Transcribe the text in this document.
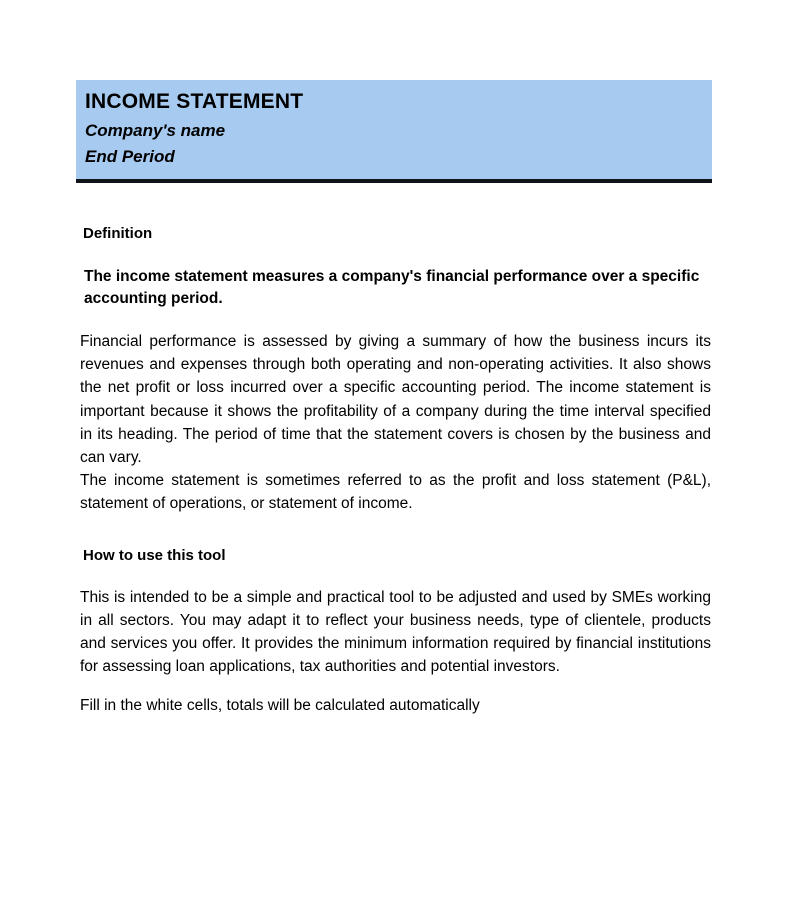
INCOME STATEMENT
Company's name
End Period
Definition
The income statement measures a company's financial performance over a specific accounting period.

Financial performance is assessed by giving a summary of how the business incurs its revenues and expenses through both operating and non-operating activities. It also shows the net profit or loss incurred over a specific accounting period. The income statement is important because it shows the profitability of a company during the time interval specified in its heading. The period of time that the statement covers is chosen by the business and can vary.

The income statement is sometimes referred to as the profit and loss statement (P&L), statement of operations, or statement of income.

How to use this tool

This is intended to be a simple and practical tool to be adjusted and used by SMEs working in all sectors. You may adapt it to reflect your business needs, type of clientele, products and services you offer. It provides the minimum information required by financial institutions for assessing loan applications, tax authorities and potential investors.

Fill in the white cells, totals will be calculated automatically
